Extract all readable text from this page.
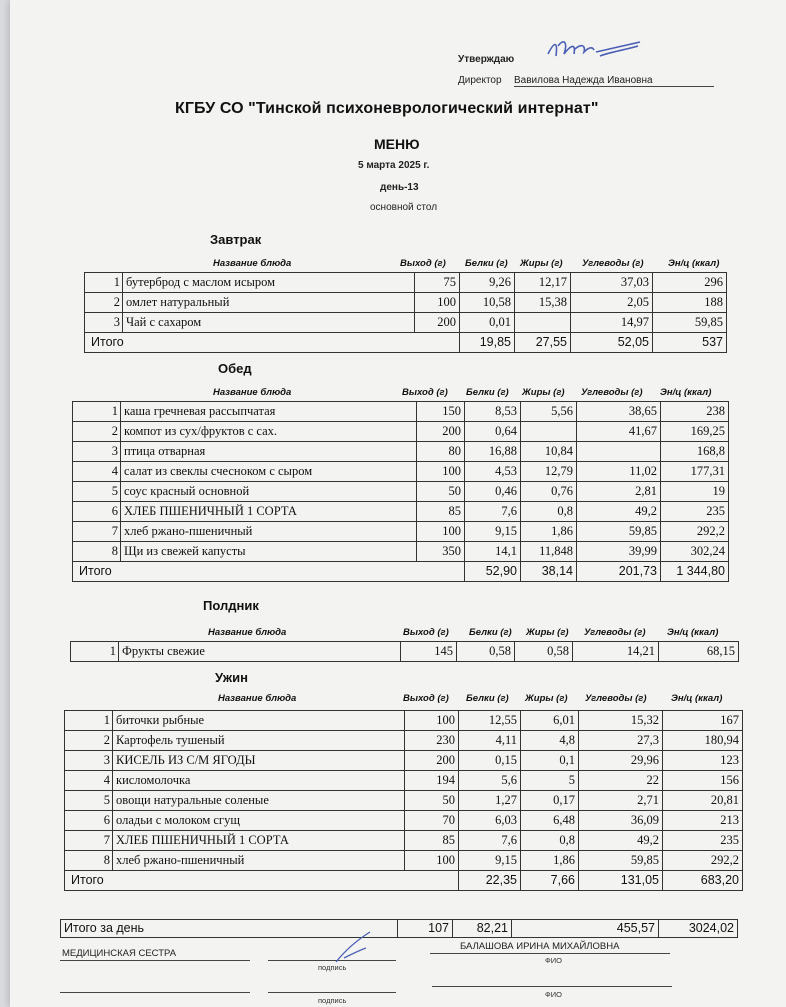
Утверждаю
Директор Вавилова Надежда Ивановна
КГБУ СО "Тинской психоневрологический интернат"
МЕНЮ
5 марта 2025 г.
день-13
основной стол
Завтрак
Название блюда	Выход (г) Белки (г) Жиры (г) Углеводы (г)	Эн/ц (ккал)
1	бутерброд с маслом исыром	75	9,26	12,17	37,03	296
2	омлет натуральный	100	10,58	15,38	2,05	188
3	Чай с сахаром	200	0,01		14,97	59,85
Итого			19,85	27,55	52,05	537
Обед
Название блюда	Выход (г) Белки (г) Жиры (г) Углеводы (г) Эн/ц (ккал)
1	каша гречневая рассыпчатая	150	8,53	5,56	38,65	238
2	компот из сух/фруктов с сах.	200	0,64		41,67	169,25
3	птица отварная	80	16,88	10,84		168,8
4	салат из свеклы счесноком с сыром	100	4,53	12,79	11,02	177,31
5	соус красный основной	50	0,46	0,76	2,81	19
6	ХЛЕБ ПШЕНИЧНЫЙ 1 СОРТА	85	7,6	0,8	49,2	235
7	хлеб ржано-пшеничный	100	9,15	1,86	59,85	292,2
8	Щи из свежей капусты	350	14,1	11,848	39,99	302,24
Итого			52,90	38,14	201,73	1 344,80
Полдник
Название блюда	Выход (г) Белки (г) Жиры (г) Углеводы (г) Эн/ц (ккал)
1	Фрукты свежие	145	0,58	0,58	14,21	68,15
Ужин
Название блюда	Выход (г) Белки (г) Жиры (г) Углеводы (г)	Эн/ц (ккал)
1	биточки рыбные	100	12,55	6,01	15,32	167
2	Картофель тушеный	230	4,11	4,8	27,3	180,94
3	КИСЕЛЬ ИЗ С/М ЯГОДЫ	200	0,15	0,1	29,96	123
4	кисломолочка	194	5,6	5	22	156
5	овощи натуральные соленые	50	1,27	0,17	2,71	20,81
6	оладьи с молоком сгущ	70	6,03	6,48	36,09	213
7	ХЛЕБ ПШЕНИЧНЫЙ 1 СОРТА	85	7,6	0,8	49,2	235
8	хлеб ржано-пшеничный	100	9,15	1,86	59,85	292,2
Итого			22,35	7,66	131,05	683,20
Итого за день	107	82,21	455,57	3024,02
МЕДИЦИНСКАЯ СЕСТРА
подпись
БАЛАШОВА ИРИНА МИХАЙЛОВНА
ФИО
подпись
ФИО
